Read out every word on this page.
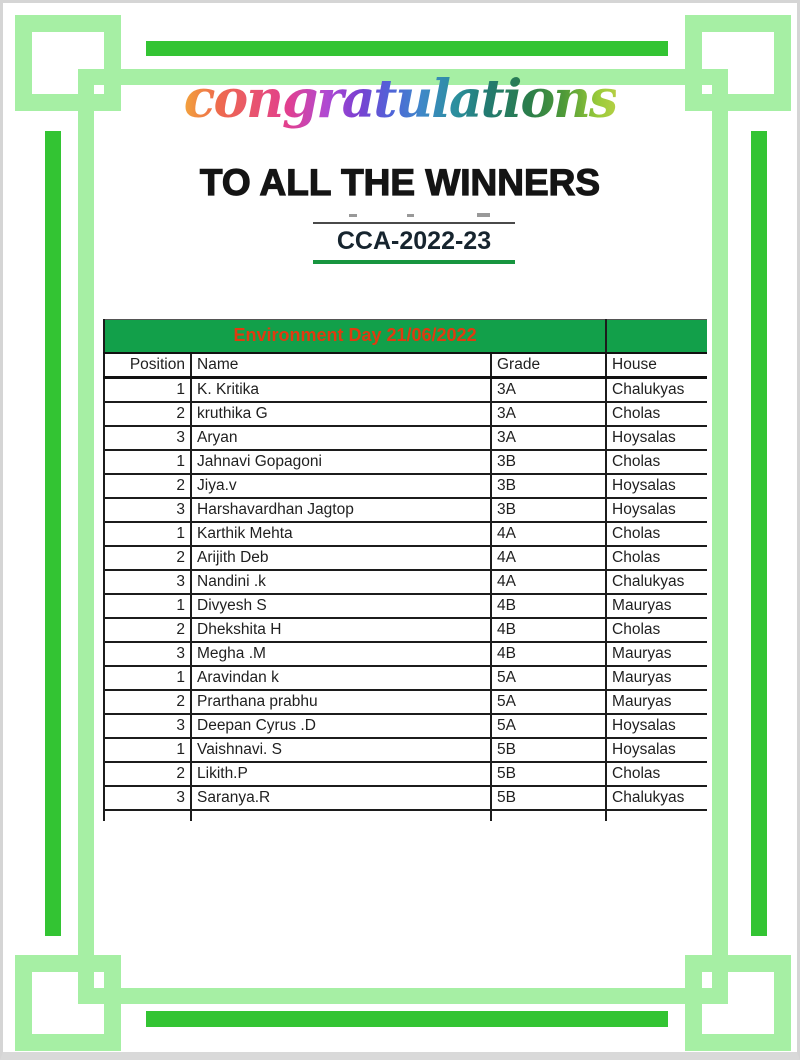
congratulations
TO ALL THE WINNERS
CCA-2022-23
Environment Day 21/06/2022			
Position	Name	Grade	House
1	K. Kritika	3A	Chalukyas
2	kruthika G	3A	Cholas
3	Aryan	3A	Hoysalas
1	Jahnavi Gopagoni	3B	Cholas
2	Jiya.v	3B	Hoysalas
3	Harshavardhan Jagtop	3B	Hoysalas
1	Karthik Mehta	4A	Cholas
2	Arijith Deb	4A	Cholas
3	Nandini .k	4A	Chalukyas
1	Divyesh S	4B	Mauryas
2	Dhekshita H	4B	Cholas
3	Megha .M	4B	Mauryas
1	Aravindan k	5A	Mauryas
2	Prarthana prabhu	5A	Mauryas
3	Deepan Cyrus .D	5A	Hoysalas
1	Vaishnavi. S	5B	Hoysalas
2	Likith.P	5B	Cholas
3	Saranya.R	5B	Chalukyas
